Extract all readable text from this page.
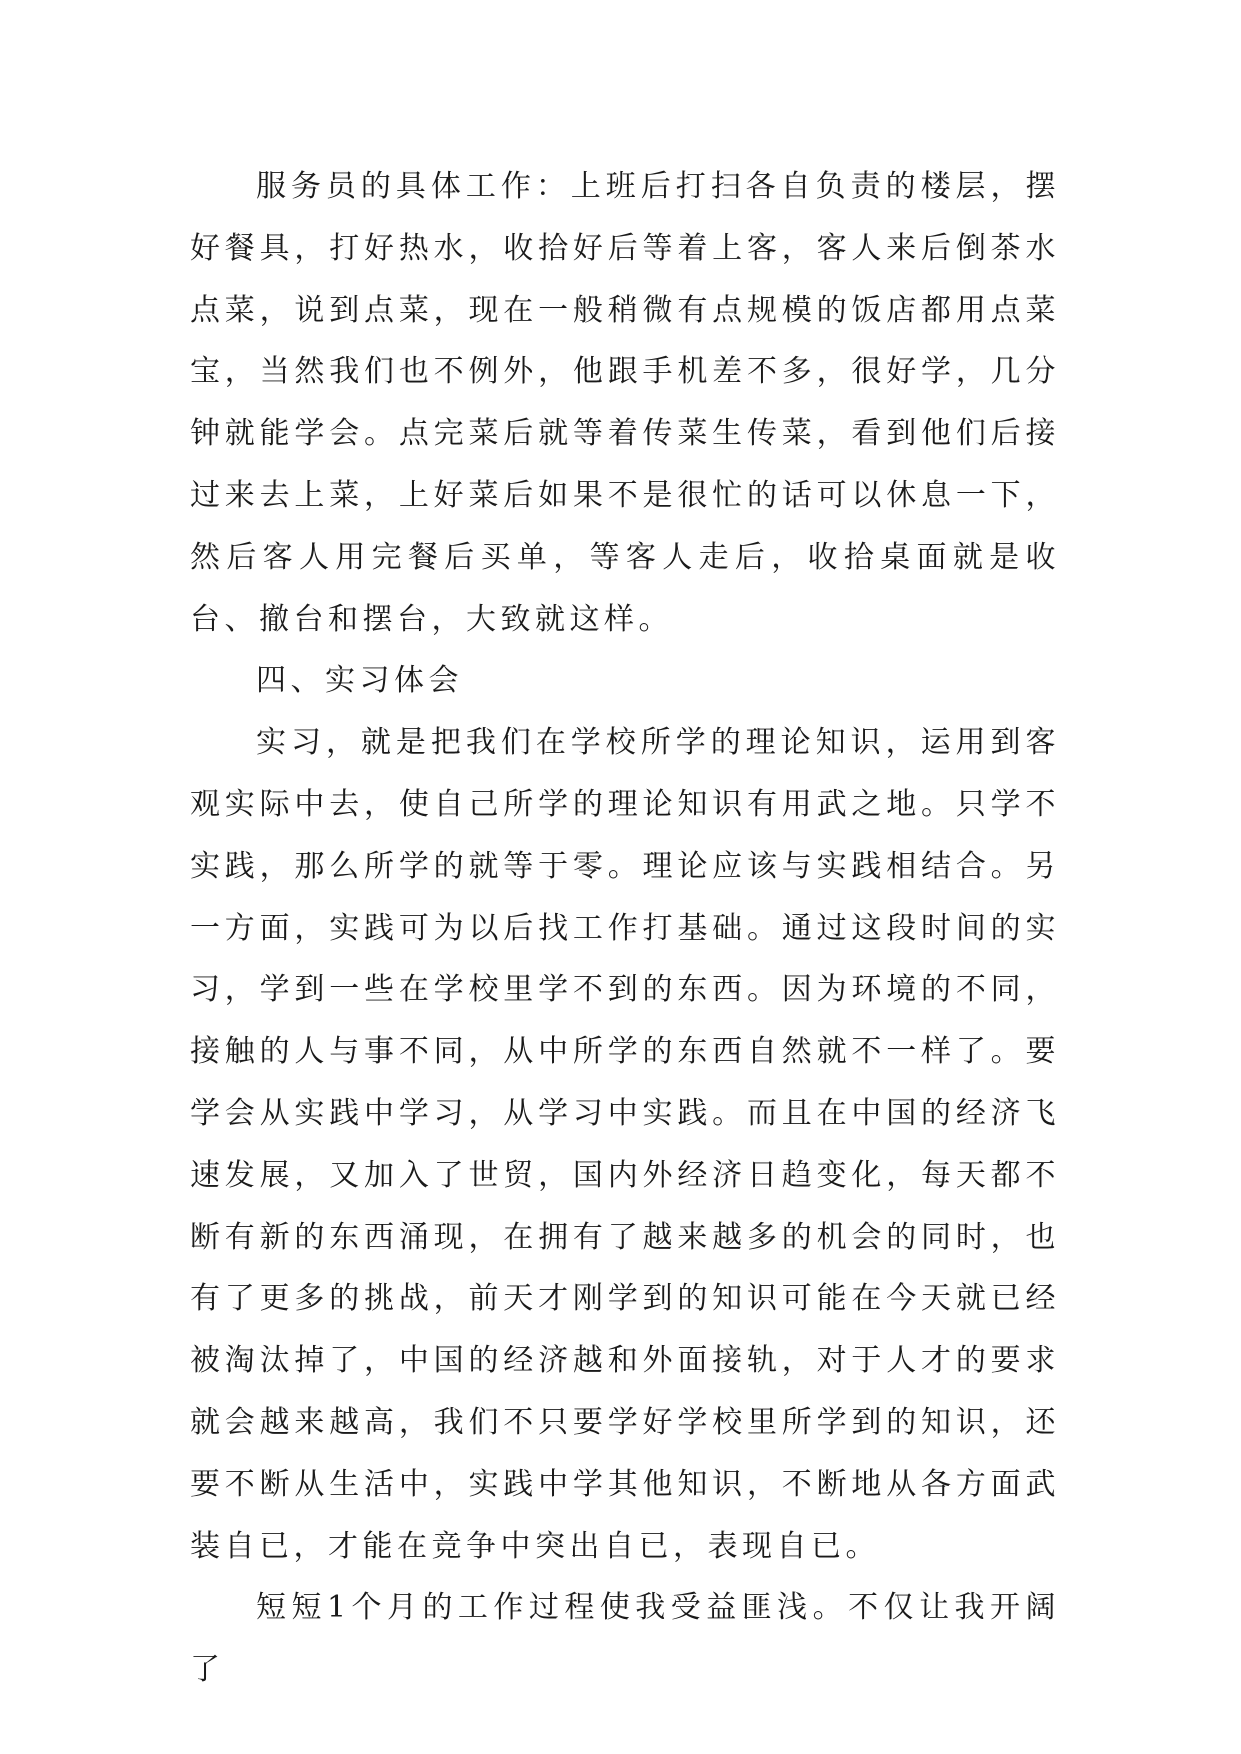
服务员的具体工作：上班后打扫各自负责的楼层，摆好餐具，打好热水，收拾好后等着上客，客人来后倒茶水点菜，说到点菜，现在一般稍微有点规模的饭店都用点菜宝，当然我们也不例外，他跟手机差不多，很好学，几分钟就能学会。点完菜后就等着传菜生传菜，看到他们后接过来去上菜，上好菜后如果不是很忙的话可以休息一下，然后客人用完餐后买单，等客人走后，收拾桌面就是收台、撤台和摆台，大致就这样。

四、实习体会

实习，就是把我们在学校所学的理论知识，运用到客观实际中去，使自己所学的理论知识有用武之地。只学不实践，那么所学的就等于零。理论应该与实践相结合。另一方面，实践可为以后找工作打基础。通过这段时间的实习，学到一些在学校里学不到的东西。因为环境的不同，接触的人与事不同，从中所学的东西自然就不一样了。要学会从实践中学习，从学习中实践。而且在中国的经济飞速发展，又加入了世贸，国内外经济日趋变化，每天都不断有新的东西涌现，在拥有了越来越多的机会的同时，也有了更多的挑战，前天才刚学到的知识可能在今天就已经被淘汰掉了，中国的经济越和外面接轨，对于人才的要求就会越来越高，我们不只要学好学校里所学到的知识，还要不断从生活中，实践中学其他知识，不断地从各方面武装自已，才能在竞争中突出自已，表现自已。

短短1个月的工作过程使我受益匪浅。不仅让我开阔了
